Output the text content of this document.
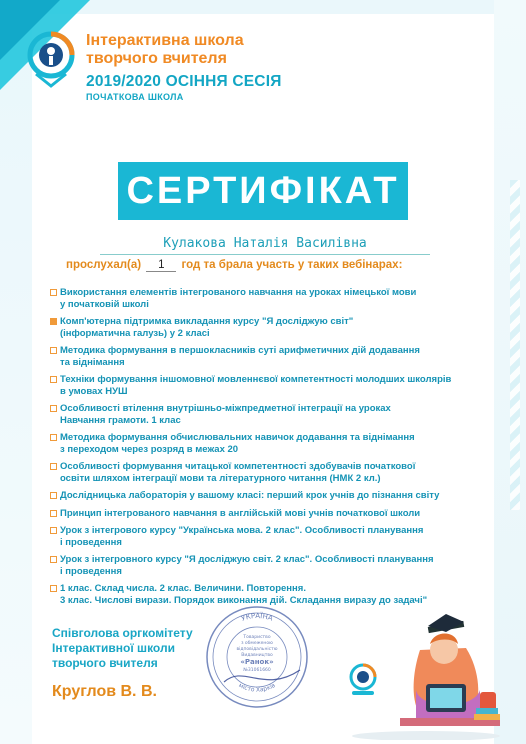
Інтерактивна школа
творчого вчителя
2019/2020 ОСІННЯ СЕСІЯ
ПОЧАТКОВА ШКОЛА
СЕРТИФІКАТ
Кулакова Наталія Василівна
прослухал(а) 1 год та брала участь у таких вебінарах:
Використання елементів інтегрованого навчання на уроках німецької мови
у початковій школі
Комп'ютерна підтримка викладання курсу "Я досліджую світ"
(інформатична галузь) у 2 класі
Методика формування в першокласників суті арифметичних дій додавання
та віднімання
Техніки формування іншомовної мовленнєвої компетентності молодших школярів
в умовах НУШ
Особливості втілення внутрішньо-міжпредметної інтеграції на уроках
Навчання грамоти. 1 клас
Методика формування обчислювальних навичок додавання та віднімання
з переходом через розряд в межах 20
Особливості формування читацької компетентності здобувачів початкової
освіти шляхом інтеграції мови та літературного читання (НМК 2 кл.)
Дослідницька лабораторія у вашому класі: перший крок учнів до пізнання світу
Принцип інтегрованого навчання в англійській мові учнів початкової школи
Урок з інтегрового курсу "Українська мова. 2 клас". Особливості планування
і проведення
Урок з інтегровного курсу "Я досліджую світ. 2 клас". Особливості планування
і проведення
1 клас. Склад числа. 2 клас. Величини. Повторення.
3 клас. Числові вирази. Порядок виконання дій. Складання виразу до задачі"
Співголова оргкомітету
Інтерактивної школи
творчого вчителя
Круглов В. В.
УКРАЇНА
місто Харків
Товариство
з обмеженою
відповідальністю
Видавництво
«Ранок»
№31061660
